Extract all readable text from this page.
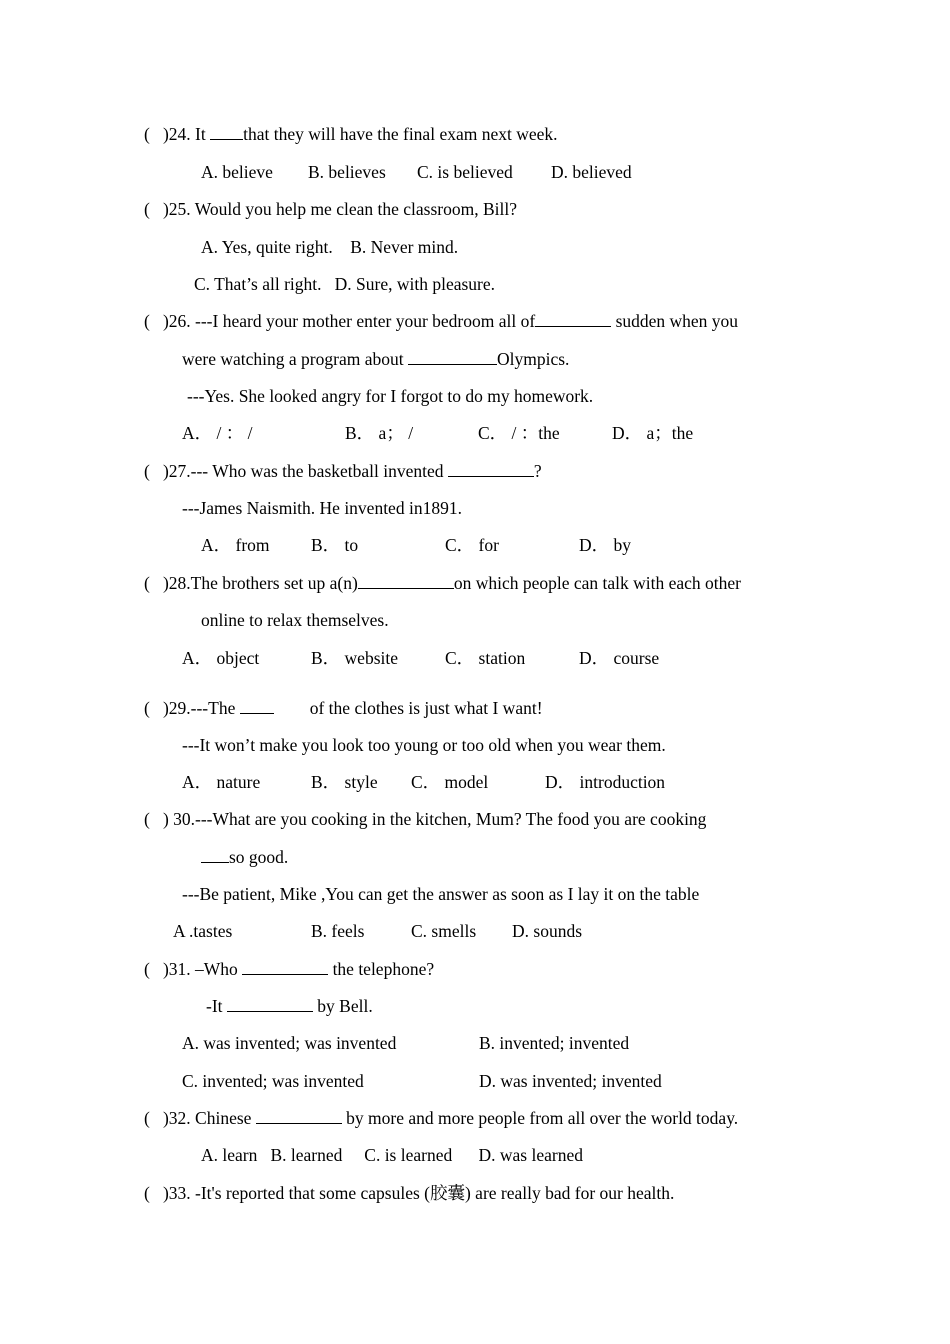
(   )24. It that they will have the final exam next week.
A. believe B. believes C. is believed D. believed
(   )25. Would you help me clean the classroom, Bill?
A. Yes, quite right.    B. Never mind.
C. That’s all right.   D. Sure, with pleasure.
(   )26. ---I heard your mother enter your bedroom all of	sudden when you
were watching a program about	Olympics.
---Yes. She looked angry for I forgot to do my homework.
A． / ： /	B． a； /	C． / ：the	D． a；the
(   )27.--- Who was the basketball invented	?
---James Naismith. He invented in1891.
A． from B． to	C． for	D． by
(   )28.The brothers set up a(n)	on which people can talk with each other
online to relax themselves.
A． object	B． website	C． station	D． course
(   )29.---The	of the clothes is just what I want!
---It won’t make you look too young or too old when you wear them.
A． nature	B． style C． model	D． introduction
(   ) 30.---What are you cooking in the kitchen, Mum? The food you are cooking
so good.
---Be patient, Mike ,You can get the answer as soon as I lay it on the table
A .tastes	B. feels	C. smells D. sounds
(   )31. –Who	the telephone?
-It	by Bell.
A. was invented; was invented	B. invented; invented
C. invented; was invented	D. was invented; invented
(   )32. Chinese	by more and more people from all over the world today.
A. learn   B. learned     C. is learned      D. was learned
(   )33. -It's reported that some capsules (胶囊) are really bad for our health.
